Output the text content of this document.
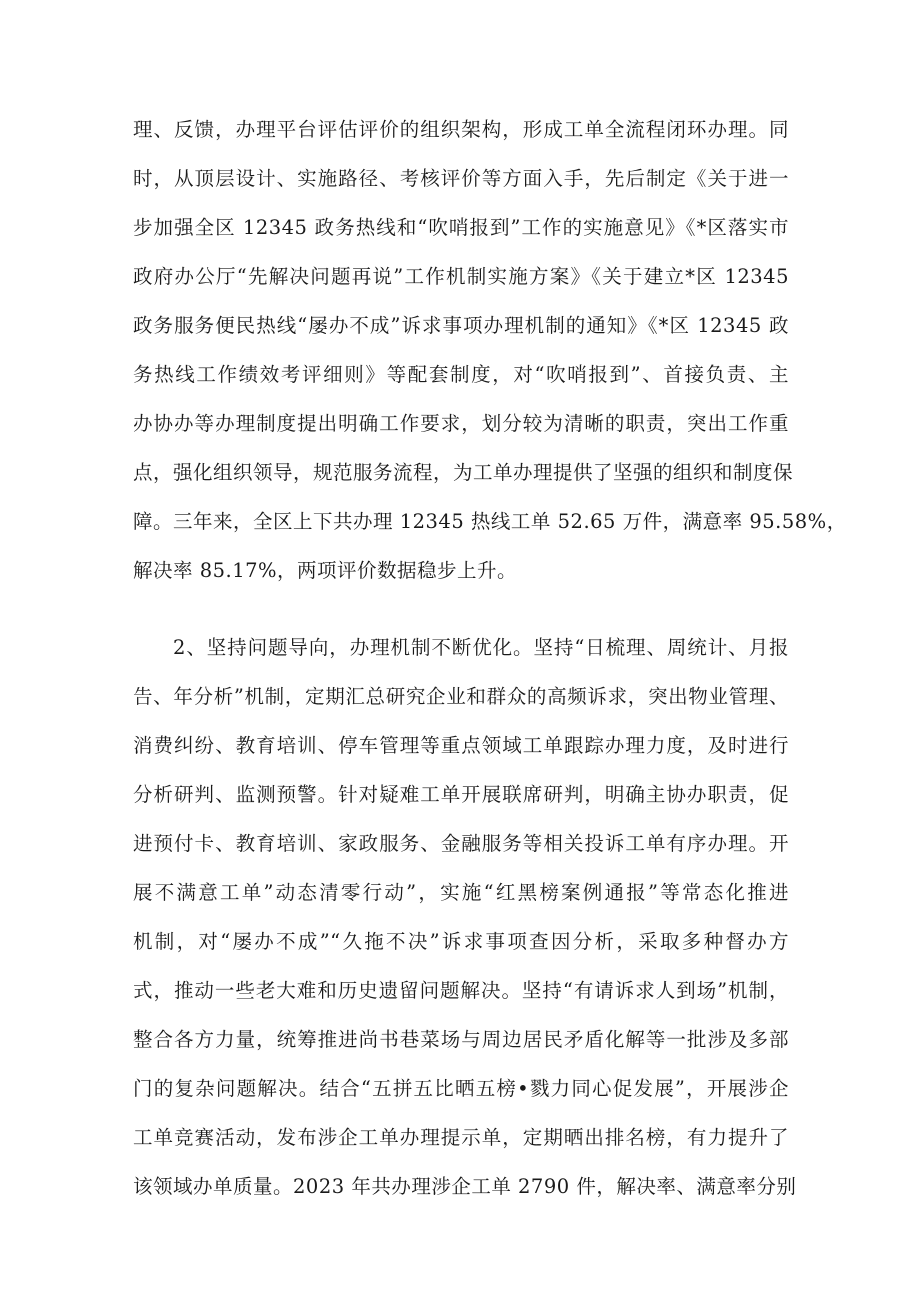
理、反馈，办理平台评估评价的组织架构，形成工单全流程闭环办理。同
时，从顶层设计、实施路径、考核评价等方面入手，先后制定《关于进一
步加强全区 12345 政务热线和“吹哨报到”工作的实施意见》《*区落实市
政府办公厅“先解决问题再说”工作机制实施方案》《关于建立*区 12345
政务服务便民热线“屡办不成”诉求事项办理机制的通知》《*区 12345 政
务热线工作绩效考评细则》等配套制度，对“吹哨报到”、首接负责、主
办协办等办理制度提出明确工作要求，划分较为清晰的职责，突出工作重
点，强化组织领导，规范服务流程，为工单办理提供了坚强的组织和制度保
障。三年来，全区上下共办理 12345 热线工单 52.65 万件，满意率 95.58%，
解决率 85.17%，两项评价数据稳步上升。
2、坚持问题导向，办理机制不断优化。坚持“日梳理、周统计、月报
告、年分析”机制，定期汇总研究企业和群众的高频诉求，突出物业管理、
消费纠纷、教育培训、停车管理等重点领域工单跟踪办理力度，及时进行
分析研判、监测预警。针对疑难工单开展联席研判，明确主协办职责，促
进预付卡、教育培训、家政服务、金融服务等相关投诉工单有序办理。开
展不满意工单”动态清零行动”，实施“红黑榜案例通报”等常态化推进
机制，对“屡办不成”“久拖不决”诉求事项查因分析，采取多种督办方
式，推动一些老大难和历史遗留问题解决。坚持“有请诉求人到场”机制，
整合各方力量，统筹推进尚书巷菜场与周边居民矛盾化解等一批涉及多部
门的复杂问题解决。结合“五拼五比晒五榜•戮力同心促发展”，开展涉企
工单竞赛活动，发布涉企工单办理提示单，定期晒出排名榜，有力提升了
该领域办单质量。2023 年共办理涉企工单 2790 件，解决率、满意率分别
